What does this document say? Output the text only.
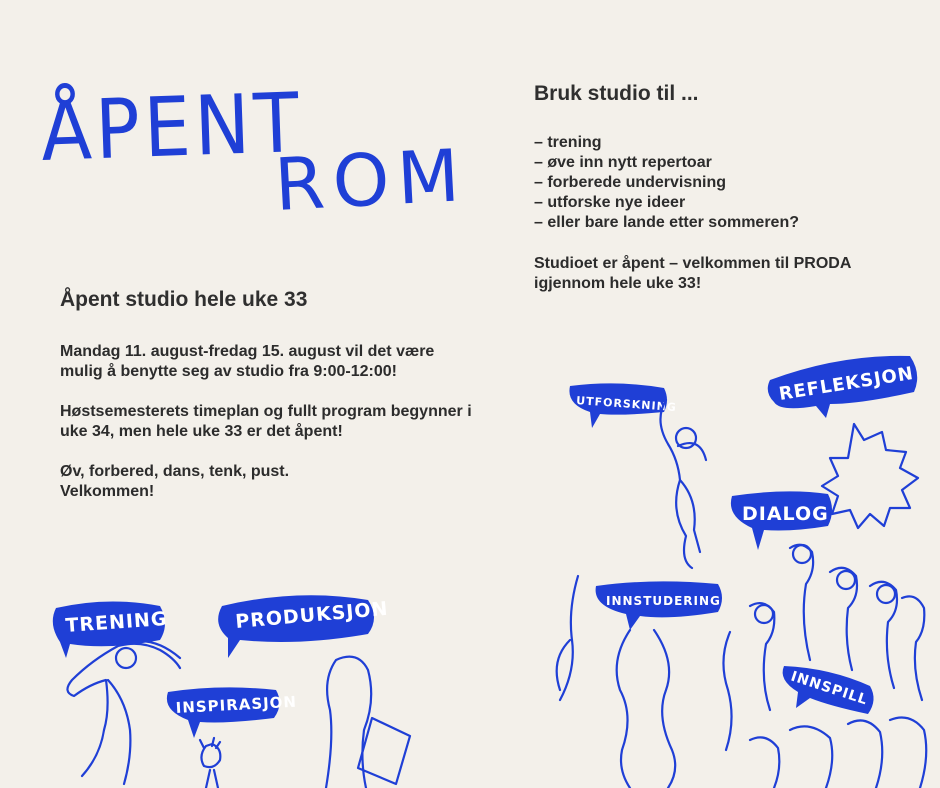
ÅPENT
ROM
Åpent studio hele uke 33

Mandag 11. august-fredag 15. august vil det være mulig å benytte seg av studio fra 9:00-12:00!

Høstsemesterets timeplan og fullt program begynner i uke 34, men hele uke 33 er det åpent!

Øv, forbered, dans, tenk, pust.
Velkommen!

Bruk studio til ...
– trening
– øve inn nytt repertoar
– forberede undervisning
– utforske nye ideer
– eller bare lande etter sommeren?

Studioet er åpent – velkommen til PRODA igjennom hele uke 33!

TRENING	PRODUKSJON
INSPIRASJON
UTFORSKNING	REFLEKSJON
DIALOG
INNSTUDERING
INNSPILL
